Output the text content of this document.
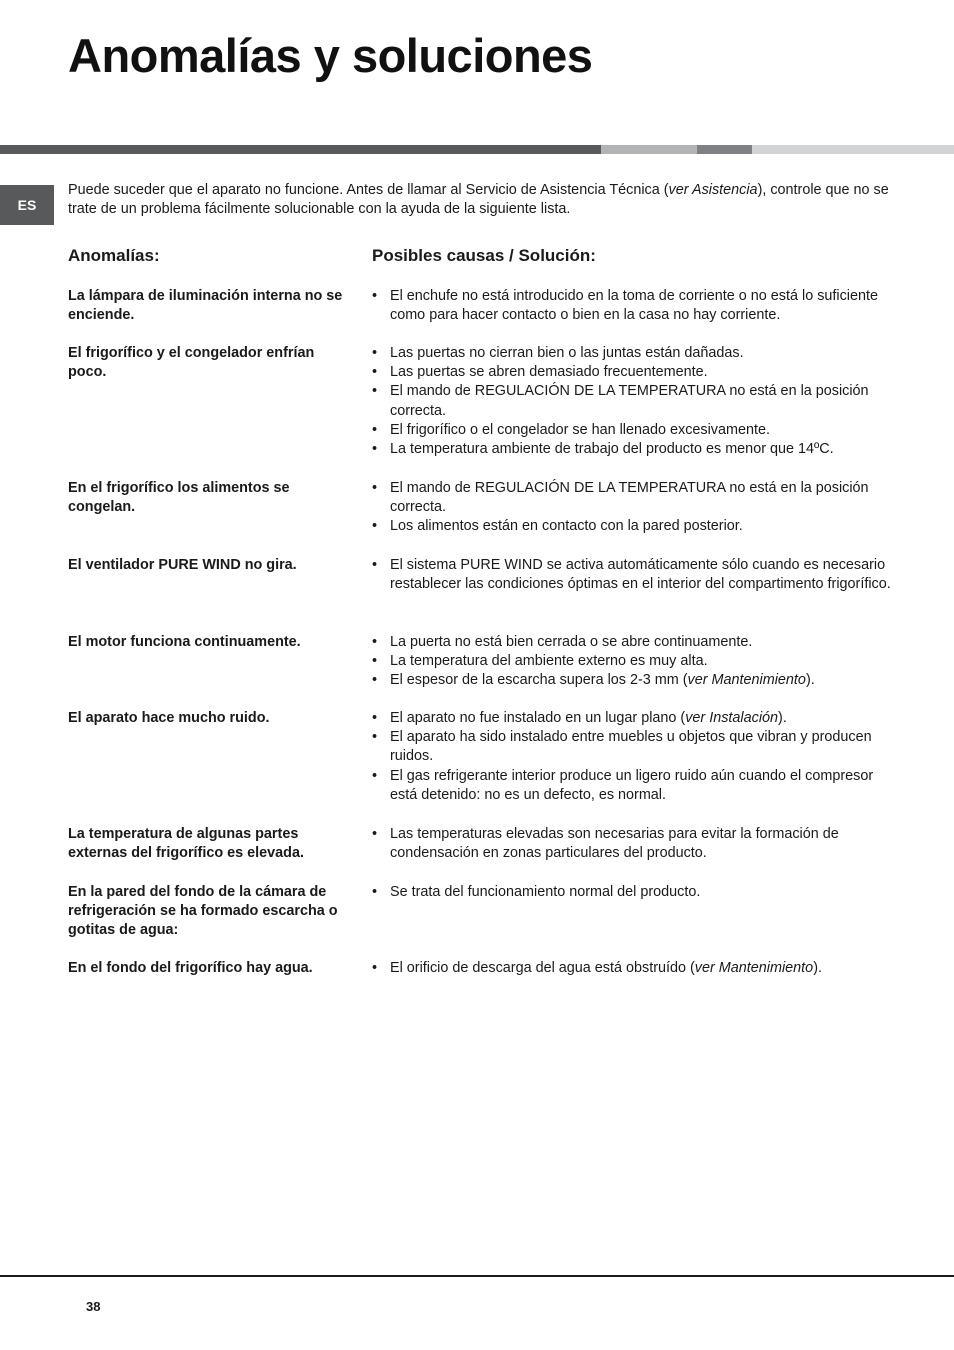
Anomalías y soluciones
ES

Puede suceder que el aparato no funcione. Antes de llamar al Servicio de Asistencia Técnica (ver Asistencia), controle que no se trate de un problema fácilmente solucionable con la ayuda de la siguiente lista.

Anomalías:	Posibles causas / Solución:
La lámpara de iluminación interna no se enciende.
• El enchufe no está introducido en la toma de corriente o no está lo suficiente como para hacer contacto o bien en la casa no hay corriente.
El frigorífico y el congelador enfrían poco.
• Las puertas no cierran bien o las juntas están dañadas.
• Las puertas se abren demasiado frecuentemente.
• El mando de REGULACIÓN DE LA TEMPERATURA no está en la posición correcta.
• El frigorífico o el congelador se han llenado excesivamente.
• La temperatura ambiente de trabajo del producto es menor que 14ºC.
En el frigorífico los alimentos se congelan.
• El mando de REGULACIÓN DE LA TEMPERATURA no está en la posición correcta.
• Los alimentos están en contacto con la pared posterior.
El ventilador PURE WIND no gira.	• El sistema PURE WIND se activa automáticamente sólo cuando es necesario restablecer las condiciones óptimas en el interior del compartimento frigorífico.
El motor funciona continuamente.	• La puerta no está bien cerrada o se abre continuamente.
• La temperatura del ambiente externo es muy alta.
• El espesor de la escarcha supera los 2-3 mm (ver Mantenimiento).
El aparato hace mucho ruido.	• El aparato no fue instalado en un lugar plano (ver Instalación).
• El aparato ha sido instalado entre muebles u objetos que vibran y producen ruidos.
• El gas refrigerante interior produce un ligero ruido aún cuando el compresor está detenido: no es un defecto, es normal.
La temperatura de algunas partes externas del frigorífico es elevada.
• Las temperaturas elevadas son necesarias para evitar la formación de condensación en zonas particulares del producto.
En la pared del fondo de la cámara de refrigeración se ha formado escarcha o gotitas de agua:
• Se trata del funcionamiento normal del producto.
En el fondo del frigorífico hay agua.	• El orificio de descarga del agua está obstruído (ver Mantenimiento).
38
